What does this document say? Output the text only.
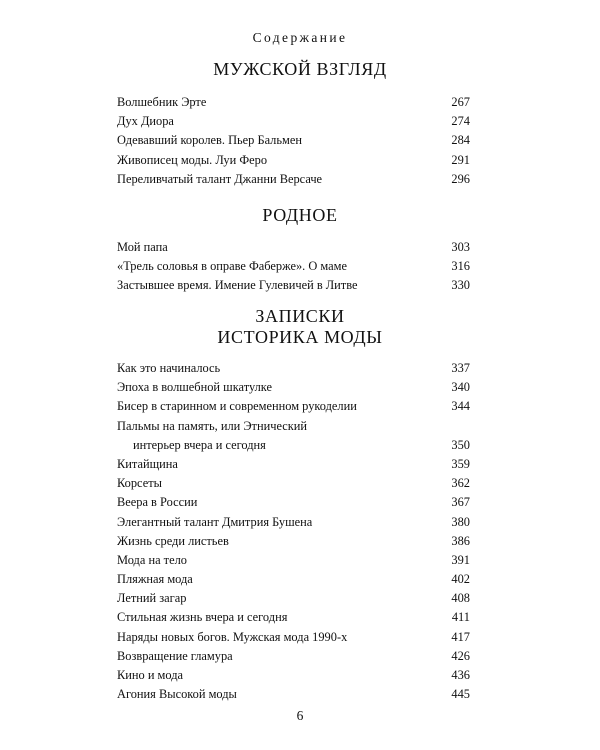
Содержание
МУЖСКОЙ ВЗГЛЯД
Волшебник Эрте	267
Дух Диора	274
Одевавший королев. Пьер Бальмен	284
Живописец моды. Луи Феро	291
Переливчатый талант Джанни Версаче	296
РОДНОЕ
Мой папа	303
«Трель соловья в оправе Фаберже». О маме	316
Застывшее время. Имение Гулевичей в Литве	330
ЗАПИСКИ
ИСТОРИКА МОДЫ
Как это начиналось	337
Эпоха в волшебной шкатулке	340
Бисер в старинном и современном рукоделии	344
Пальмы на память, или Этнический
интерьер вчера и сегодня	350
Китайщина	359
Корсеты	362
Веера в России	367
Элегантный талант Дмитрия Бушена	380
Жизнь среди листьев	386
Мода на тело	391
Пляжная мода	402
Летний загар	408
Стильная жизнь вчера и сегодня	411
Наряды новых богов. Мужская мода 1990-х	417
Возвращение гламура	426
Кино и мода	436
Агония Высокой моды	445
6
